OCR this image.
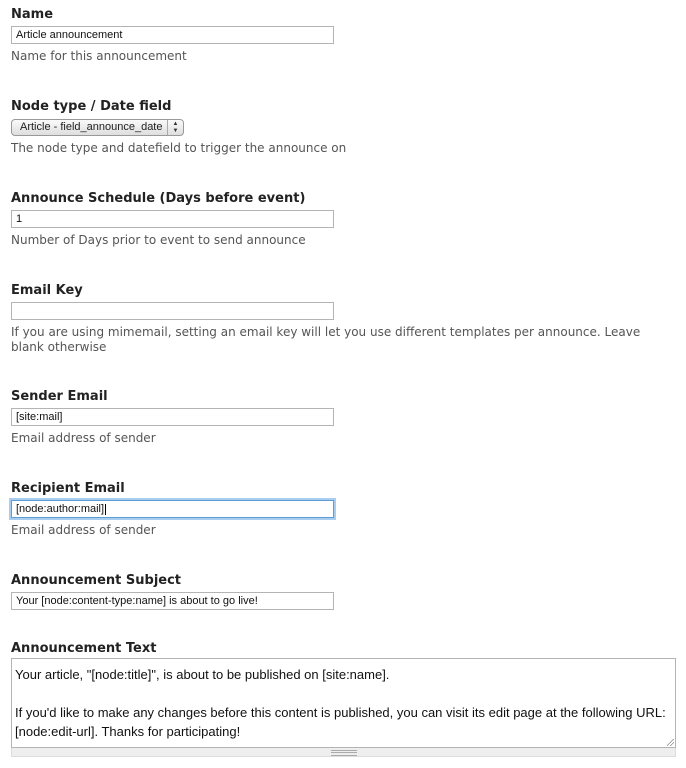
Name
Article announcement
Name for this announcement
Node type / Date field
Article - field_announce_date	▲
▼
The node type and datefield to trigger the announce on
Announce Schedule (Days before event)
1
Number of Days prior to event to send announce
Email Key
If you are using mimemail, setting an email key will let you use different templates per announce. Leave blank otherwise
Sender Email
[site:mail]
Email address of sender
Recipient Email
[node:author:mail]
Email address of sender
Announcement Subject
Your [node:content-type:name] is about to go live!
Announcement Text

Your article, "[node:title]", is about to be published on [site:name].

If you'd like to make any changes before this content is published, you can visit its edit page at the following URL: [node:edit-url]. Thanks for participating!
